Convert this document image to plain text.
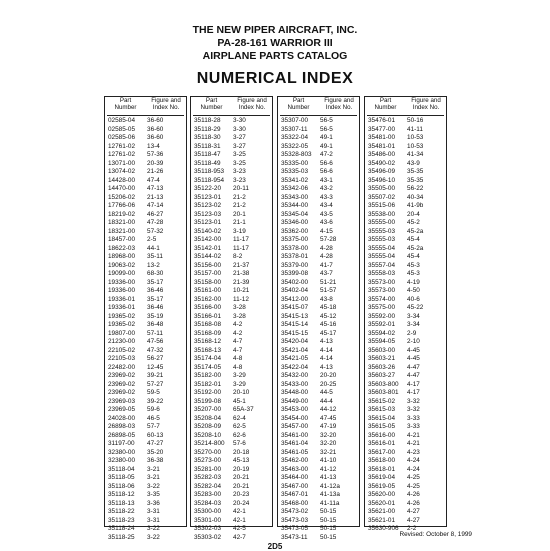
THE NEW PIPER AIRCRAFT, INC.
PA-28-161 WARRIOR III
AIRPLANE PARTS CATALOG
NUMERICAL INDEX
Part
Number
Figure and
Index No.
02585-04	36-60
02585-05	36-60
02585-06	36-60
12761-02	13-4
12761-02	57-36
13071-00	20-39
13074-02	21-26
14428-00	47-4
14470-00	47-13
15206-02	21-13
17766-06	47-14
18219-02	46-27
18321-00	47-28
18321-00	57-32
18457-00	2-5
18622-03	44-1
18968-00	35-11
19063-02	13-2
19099-00	68-30
19336-00	35-17
19336-00	36-46
19336-01	35-17
19336-01	36-46
19365-02	35-19
19365-02	36-48
19807-00	57-11
21230-00	47-56
22105-02	47-32
22105-03	56-27
22482-00	12-45
23969-02	39-21
23969-02	57-27
23969-02	59-5
23969-03	39-22
23969-05	59-6
24028-00	46-5
26898-03	57-7
26898-05	60-13
31197-00	47-27
32380-00	35-20
32380-00	36-38
35118-04	3-21
35118-05	3-21
35118-06	3-22
35118-12	3-35
35118-13	3-36
35118-22	3-31
35118-23	3-31
35118-24	3-22
35118-25	3-22
Part
Number
Figure and
Index No.
35118-28	3-30
35118-29	3-30
35118-30	3-27
35118-31	3-27
35118-47	3-25
35118-49	3-25
35118-953	3-23
35118-954	3-23
35122-20	20-11
35123-01	21-2
35123-02	21-2
35123-03	20-1
35123-01	21-1
35140-02	3-19
35142-00	11-17
35142-01	11-17
35144-02	8-2
35156-00	21-37
35157-00	21-38
35158-00	21-39
35161-00	10-21
35162-00	11-12
35166-00	3-28
35166-01	3-28
35168-08	4-2
35168-09	4-2
35168-12	4-7
35168-13	4-7
35174-04	4-8
35174-05	4-8
35182-00	3-29
35182-01	3-29
35192-00	20-10
35199-08	45-1
35207-00	65A-37
35208-04	62-4
35208-09	62-5
35208-10	62-6
35214-800	57-6
35270-00	20-18
35273-00	45-13
35281-00	20-19
35282-03	20-21
35282-04	20-21
35283-00	20-23
35284-03	20-24
35300-00	42-1
35301-00	42-1
35302-03	42-5
35303-02	42-7
Part
Number
Figure and
Index No.
35307-00	56-5
35307-11	56-5
35322-04	49-1
35322-05	49-1
35328-803	47-2
35335-00	56-6
35335-03	56-6
35341-02	43-1
35342-06	43-2
35343-00	43-3
35344-00	43-4
35345-04	43-5
35346-00	43-6
35362-00	4-15
35375-00	57-28
35378-00	4-28
35378-01	4-28
35379-00	41-7
35399-08	43-7
35402-00	51-21
35402-04	51-57
35412-00	43-8
35415-07	45-18
35415-13	45-12
35415-14	45-16
35415-15	45-17
35420-04	4-13
35421-04	4-14
35421-05	4-14
35422-04	4-13
35432-00	20-20
35433-00	20-25
35448-00	44-5
35449-00	44-4
35453-00	44-12
35454-00	47-45
35457-00	47-19
35461-00	32-20
35461-04	32-20
35461-05	32-21
35462-00	41-10
35463-00	41-12
35464-00	41-13
35467-00	41-12a
35467-01	41-13a
35468-00	41-11a
35473-02	50-15
35473-03	50-15
35473-05	50-15
35473-11	50-15
Part
Number
Figure and
Index No.
35476-01	50-16
35477-00	41-11
35481-00	10-53
35481-01	10-53
35486-00	41-34
35490-02	43-9
35496-09	35-35
35496-10	35-35
35505-00	56-22
35507-02	40-34
35515-06	41-9b
35538-00	20-4
35555-00	45-2
35555-03	45-2a
35555-03	45-4
35555-04	45-2a
35555-04	45-4
35557-04	45-3
35558-03	45-3
35573-00	4-19
35573-00	4-50
35574-00	40-6
35575-00	45-22
35592-00	3-34
35592-01	3-34
35594-02	2-9
35594-05	2-10
35603-00	4-45
35603-21	4-45
35603-26	4-47
35603-27	4-47
35603-800	4-17
35603-801	4-17
35615-02	3-32
35615-03	3-32
35615-04	3-33
35615-05	3-33
35616-00	4-21
35616-01	4-21
35617-00	4-23
35618-00	4-24
35618-01	4-24
35619-04	4-25
35619-05	4-25
35620-00	4-26
35620-01	4-26
35621-00	4-27
35621-01	4-27
35630-906	2-2
Revised: October 8, 1999
2D5
